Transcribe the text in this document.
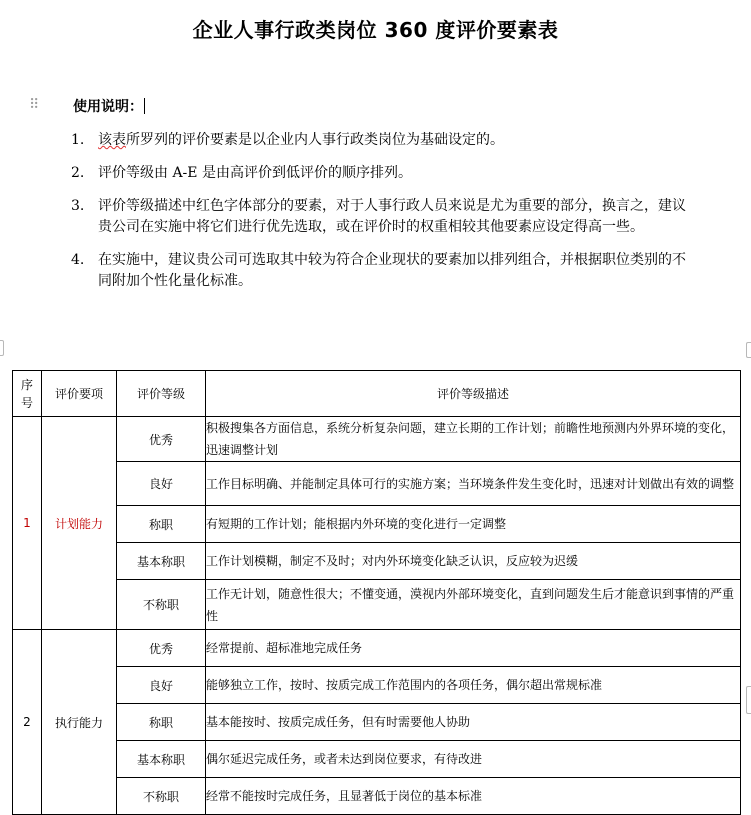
企业人事行政类岗位 360 度评价要素表
⠿ 使用说明：
1. 该表所罗列的评价要素是以企业内人事行政类岗位为基础设定的。
2. 评价等级由 A-E 是由高评价到低评价的顺序排列。
3. 评价等级描述中红色字体部分的要素，对于人事行政人员来说是尤为重要的部分，换言之，建议贵公司在实施中将它们进行优先选取，或在评价时的权重相较其他要素应设定得高一些。
4. 在实施中，建议贵公司可选取其中较为符合企业现状的要素加以排列组合，并根据职位类别的不同附加个性化量化标准。
序号	评价要项	评价等级	评价等级描述
1	计划能力	优秀	积极搜集各方面信息，系统分析复杂问题，建立长期的工作计划；前瞻性地预测内外界环境的变化，迅速调整计划
		良好	工作目标明确、并能制定具体可行的实施方案；当环境条件发生变化时，迅速对计划做出有效的调整
		称职	有短期的工作计划；能根据内外环境的变化进行一定调整
		基本称职	工作计划模糊，制定不及时；对内外环境变化缺乏认识，反应较为迟缓
		不称职	工作无计划，随意性很大；不懂变通，漠视内外部环境变化，直到问题发生后才能意识到事情的严重性
2	执行能力	优秀	经常提前、超标准地完成任务
		良好	能够独立工作，按时、按质完成工作范围内的各项任务，偶尔超出常规标准
		称职	基本能按时、按质完成任务，但有时需要他人协助
		基本称职	偶尔延迟完成任务，或者未达到岗位要求，有待改进
		不称职	经常不能按时完成任务，且显著低于岗位的基本标准
